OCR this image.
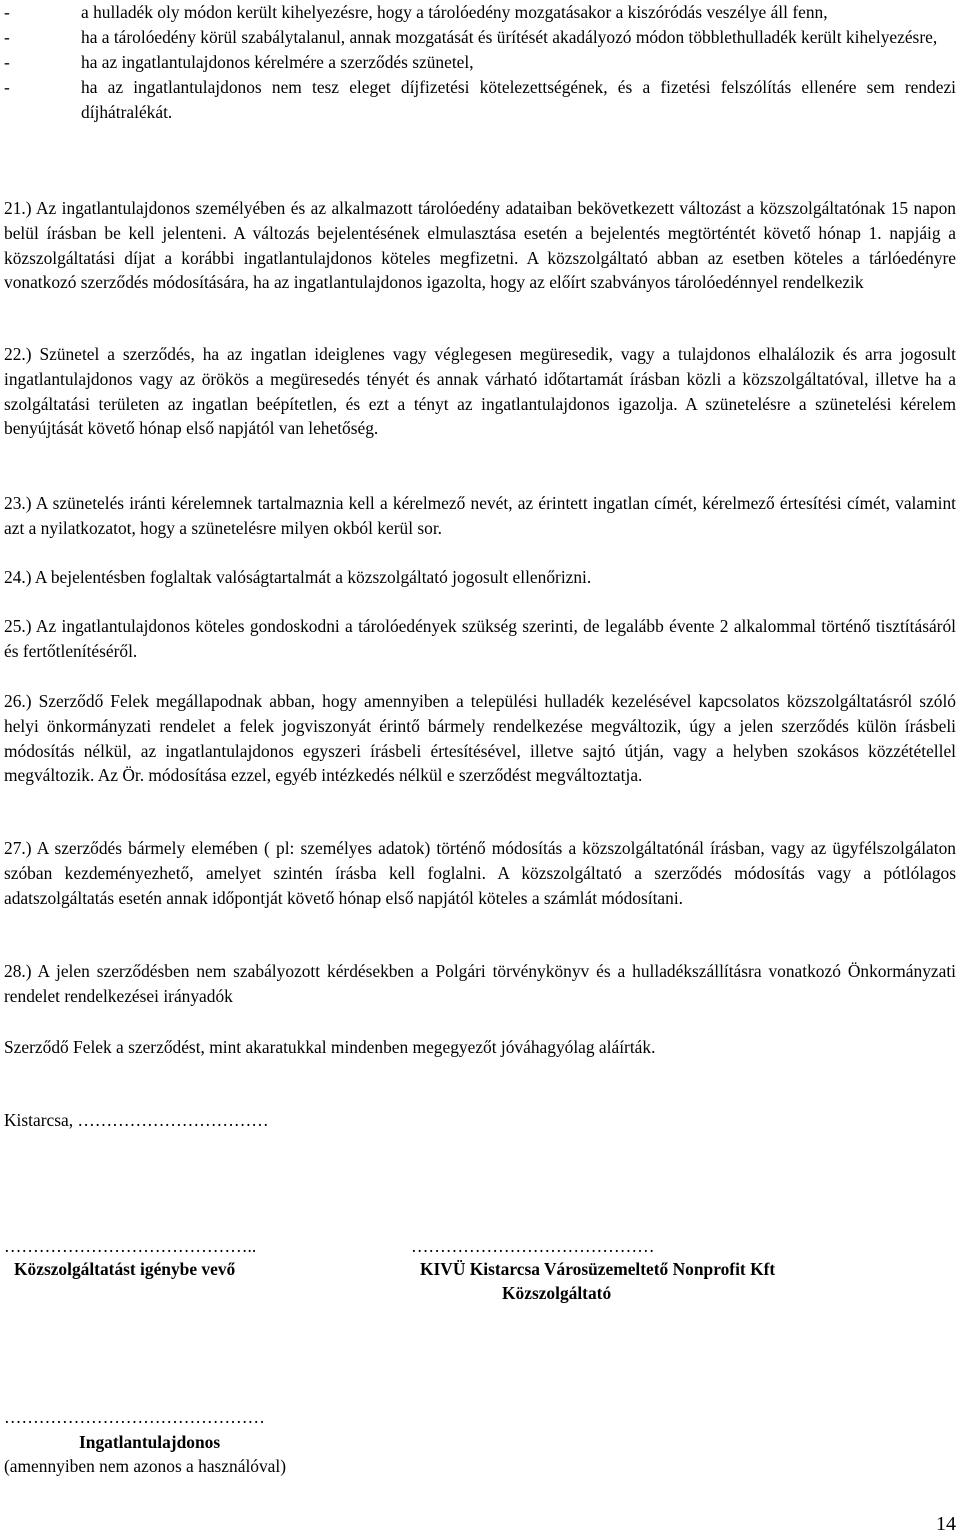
-	a hulladék oly módon került kihelyezésre, hogy a tárolóedény mozgatásakor a kiszóródás veszélye áll fenn,
-	ha a tárolóedény körül szabálytalanul, annak mozgatását és ürítését akadályozó módon többlethulladék került kihelyezésre,
-	ha az ingatlantulajdonos kérelmére a szerződés szünetel,
-	ha az ingatlantulajdonos nem tesz eleget díjfizetési kötelezettségének, és a fizetési felszólítás ellenére sem rendezi díjhátralékát.

21.) Az ingatlantulajdonos személyében és az alkalmazott tárolóedény adataiban bekövetkezett változást a közszolgáltatónak 15 napon belül írásban be kell jelenteni. A változás bejelentésének elmulasztása esetén a bejelentés megtörténtét követő hónap 1. napjáig a közszolgáltatási díjat a korábbi ingatlantulajdonos köteles megfizetni. A közszolgáltató abban az esetben köteles a tárlóedényre vonatkozó szerződés módosítására, ha az ingatlantulajdonos igazolta, hogy az előírt szabványos tárolóedénnyel rendelkezik

22.) Szünetel a szerződés, ha az ingatlan ideiglenes vagy véglegesen megüresedik, vagy a tulajdonos elhalálozik és arra jogosult ingatlantulajdonos vagy az örökös a megüresedés tényét és annak várható időtartamát írásban közli a közszolgáltatóval, illetve ha a szolgáltatási területen az ingatlan beépítetlen, és ezt a tényt az ingatlantulajdonos igazolja. A szünetelésre a szünetelési kérelem benyújtását követő hónap első napjától van lehetőség.

23.) A szünetelés iránti kérelemnek tartalmaznia kell a kérelmező nevét, az érintett ingatlan címét, kérelmező értesítési címét, valamint azt a nyilatkozatot, hogy a szünetelésre milyen okból kerül sor.

24.) A bejelentésben foglaltak valóságtartalmát a közszolgáltató jogosult ellenőrizni.

25.) Az ingatlantulajdonos köteles gondoskodni a tárolóedények szükség szerinti, de legalább évente 2 alkalommal történő tisztításáról és fertőtlenítéséről.

26.) Szerződő Felek megállapodnak abban, hogy amennyiben a települési hulladék kezelésével kapcsolatos közszolgáltatásról szóló helyi önkormányzati rendelet a felek jogviszonyát érintő bármely rendelkezése megváltozik, úgy a jelen szerződés külön írásbeli módosítás nélkül, az ingatlantulajdonos egyszeri írásbeli értesítésével, illetve sajtó útján, vagy a helyben szokásos közzététellel megváltozik. Az Ör. módosítása ezzel, egyéb intézkedés nélkül e szerződést megváltoztatja.

27.) A szerződés bármely elemében ( pl: személyes adatok) történő módosítás a közszolgáltatónál írásban, vagy az ügyfélszolgálaton szóban kezdeményezhető, amelyet szintén írásba kell foglalni. A közszolgáltató a szerződés módosítás vagy a pótlólagos adatszolgáltatás esetén annak időpontját követő hónap első napjától köteles a számlát módosítani.

28.) A jelen szerződésben nem szabályozott kérdésekben a Polgári törvénykönyv és a hulladékszállításra vonatkozó Önkormányzati rendelet rendelkezései irányadók

Szerződő Felek a szerződést, mint akaratukkal mindenben megegyezőt jóváhagyólag aláírták.

Kistarcsa, ……………………………

……………………………………..

Közszolgáltatást igénybe vevő

……………………………………

KIVÜ Kistarcsa Városüzemeltető Nonprofit Kft

Közszolgáltató

………………………………………

Ingatlantulajdonos

(amennyiben nem azonos a használóval)

14
